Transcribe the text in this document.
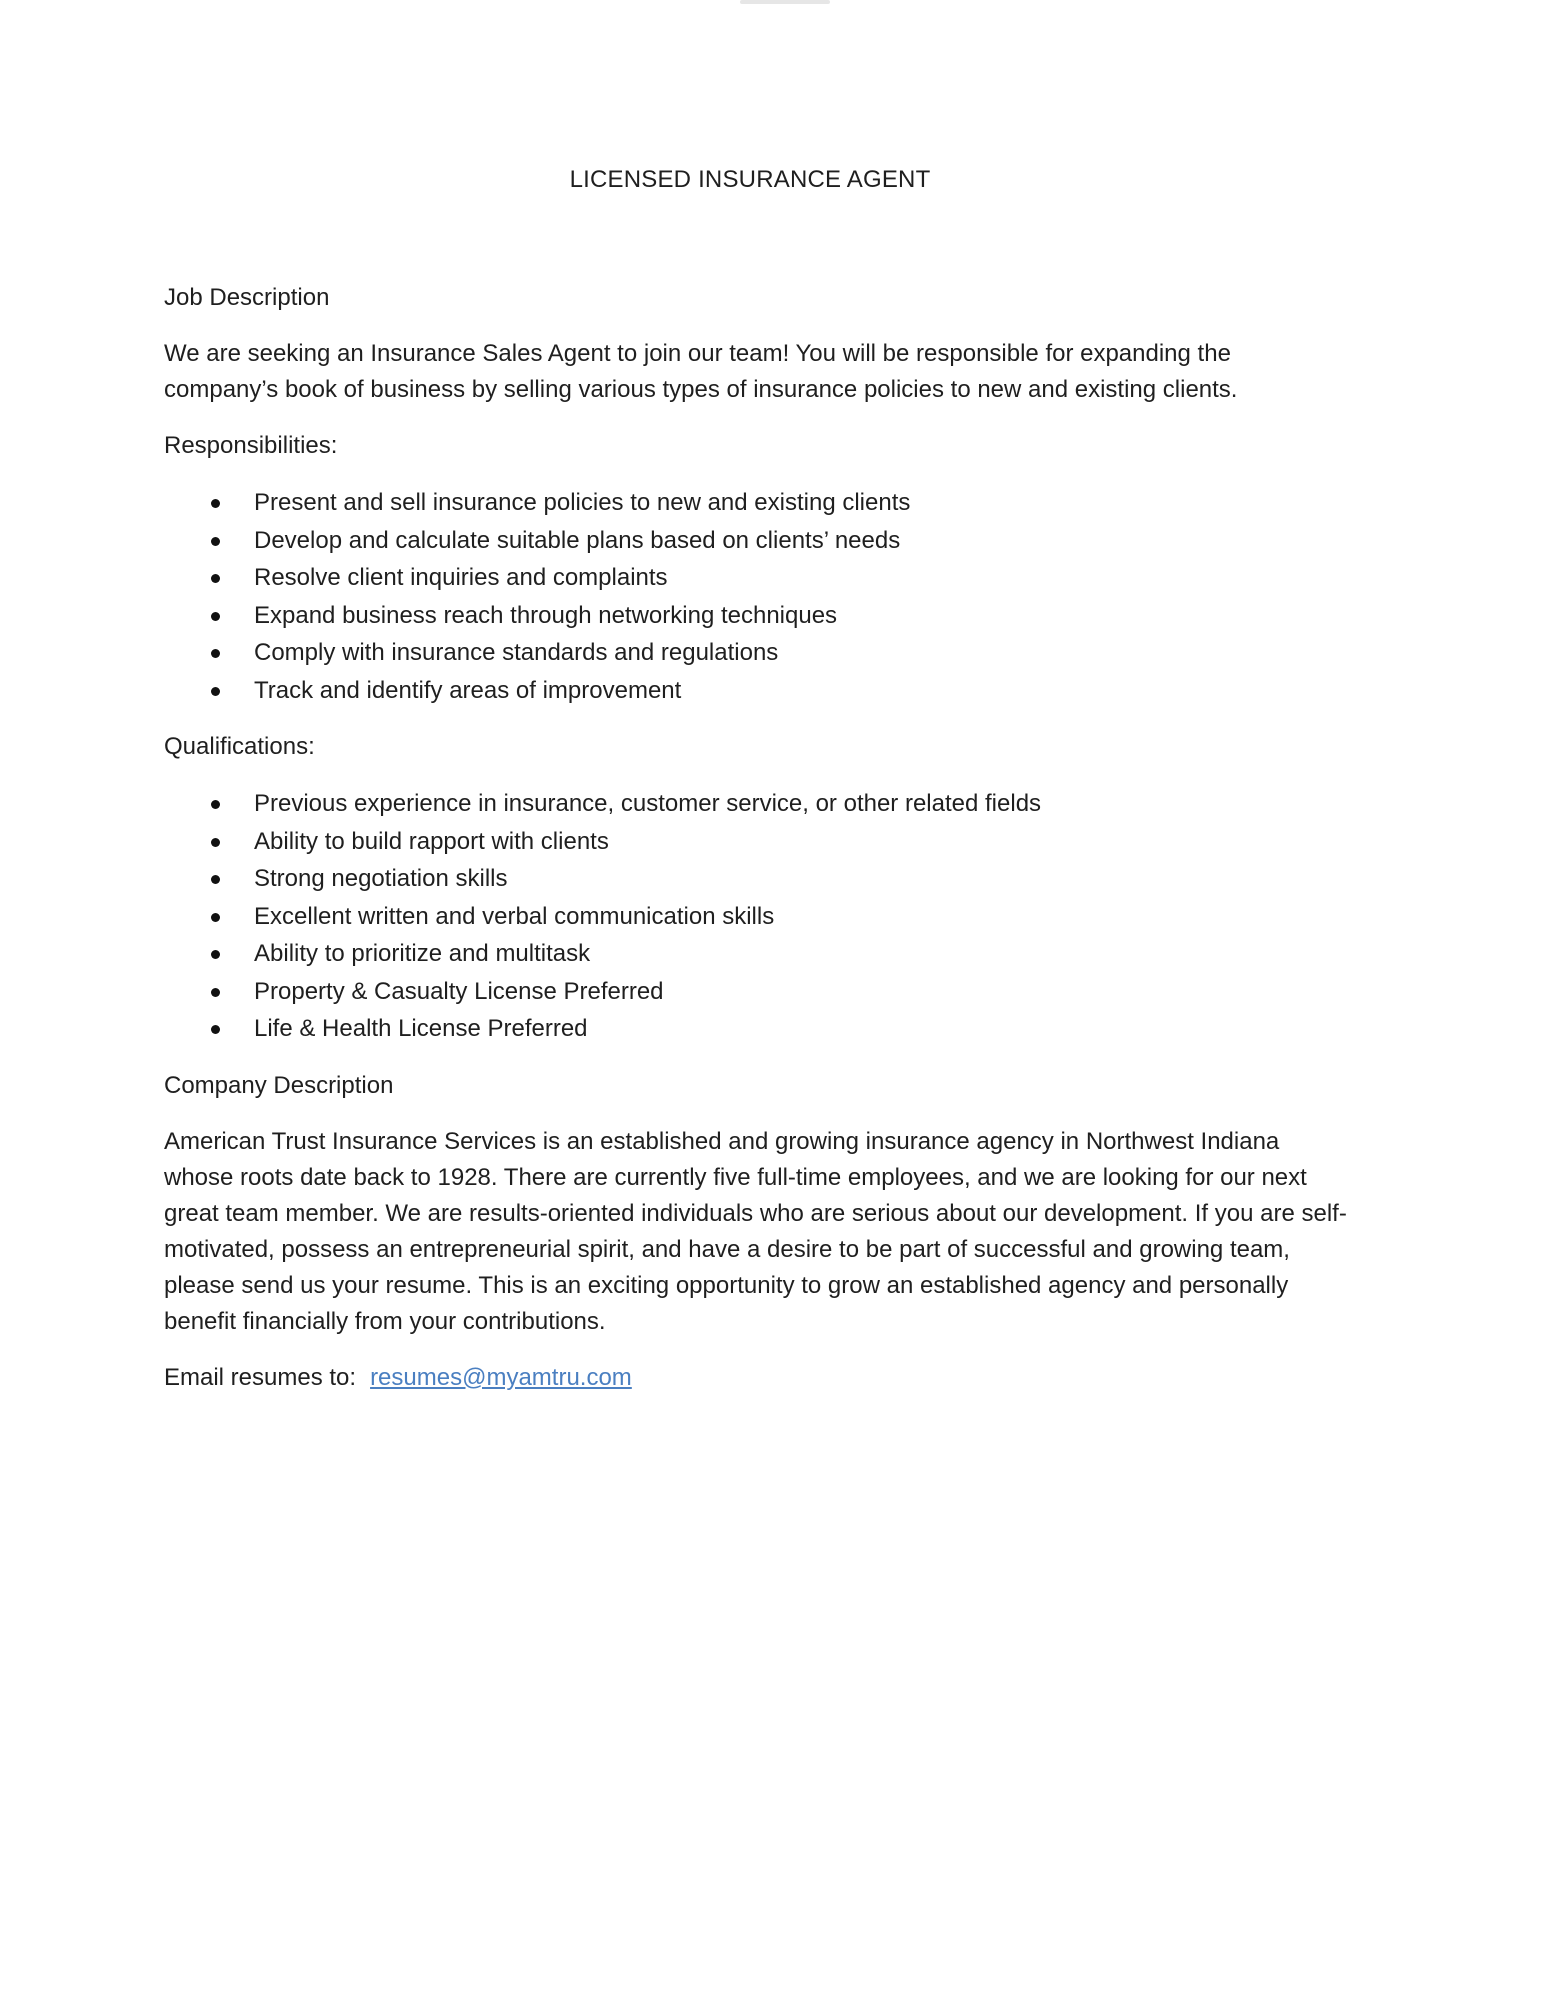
LICENSED INSURANCE AGENT

Job Description

We are seeking an Insurance Sales Agent to join our team! You will be responsible for expanding the company’s book of business by selling various types of insurance policies to new and existing clients.

Responsibilities:

Present and sell insurance policies to new and existing clients
Develop and calculate suitable plans based on clients’ needs
Resolve client inquiries and complaints
Expand business reach through networking techniques
Comply with insurance standards and regulations
Track and identify areas of improvement

Qualifications:

Previous experience in insurance, customer service, or other related fields
Ability to build rapport with clients
Strong negotiation skills
Excellent written and verbal communication skills
Ability to prioritize and multitask
Property & Casualty License Preferred
Life & Health License Preferred

Company Description

American Trust Insurance Services is an established and growing insurance agency in Northwest Indiana whose roots date back to 1928. There are currently five full-time employees, and we are looking for our next great team member. We are results-oriented individuals who are serious about our development. If you are self-motivated, possess an entrepreneurial spirit, and have a desire to be part of successful and growing team, please send us your resume. This is an exciting opportunity to grow an established agency and personally benefit financially from your contributions.

Email resumes to: resumes@myamtru.com
